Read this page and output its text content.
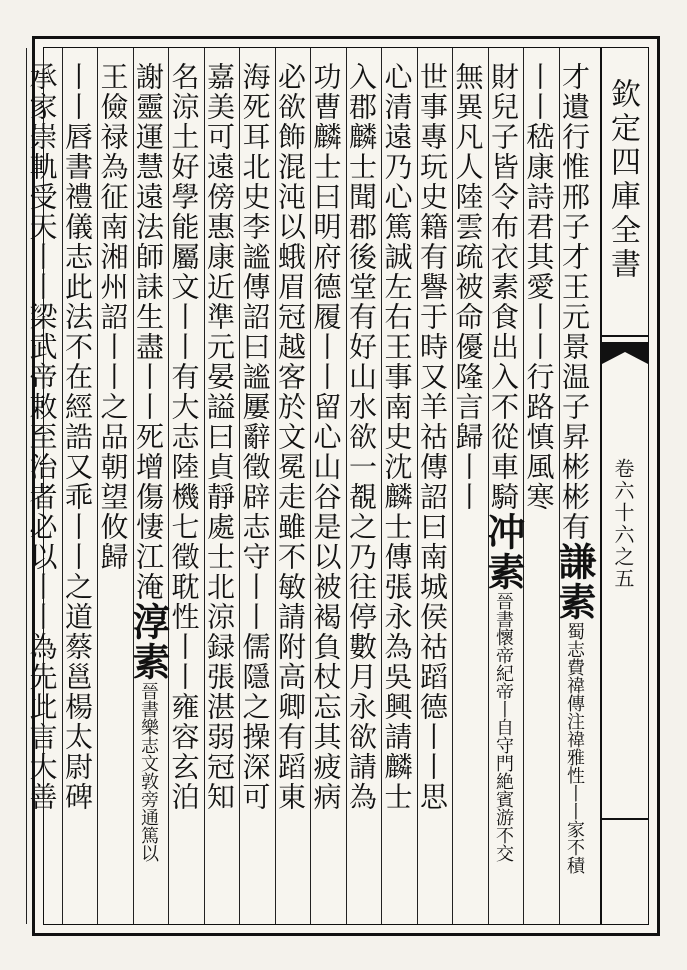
欽定四庫全書
卷六十六之五
才遺行惟邢子才王元景温子昇彬彬有謙素蜀志費禕傳注禕雅性丨丨家不積
丨丨嵇康詩君其愛丨丨行路慎風寒
財兒子皆令布衣素食出入不從車騎冲素晉書懷帝紀帝丨自守門絶賓游不交
無異凡人陸雲疏被命優隆言歸丨丨
世事專玩史籍有譽于時又羊祜傳詔曰南城侯祜蹈德丨丨思
心清遠乃心篤誠左右王事南史沈麟士傳張永為吳興請麟士
入郡麟士聞郡後堂有好山水欲一覩之乃往停數月永欲請為
功曹麟士曰明府德履丨丨留心山谷是以被褐負杖忘其疲病
必欲飾混沌以蛾眉冠越客於文冕走雖不敏請附高卿有蹈東
海死耳北史李謐傳詔曰謐屢辭徵辟志守丨丨儒隱之操深可
嘉美可遠傍惠康近準元晏謚曰貞靜處士北涼録張湛弱冠知
名涼土好學能屬文丨丨有大志陸機七徵耽性丨丨雍容玄泊
謝靈運慧遠法師誄生盡丨丨死增傷悽江淹淳素晉書樂志文敦旁通篤以
王儉禄為征南湘州詔丨丨之品朝望攸歸
丨丨唇書禮儀志此法不在經誥又乖丨丨之道蔡邕楊太尉碑
承家崇軌受天丨丨梁武帝敕至治者必以丨丨為先此言大善
